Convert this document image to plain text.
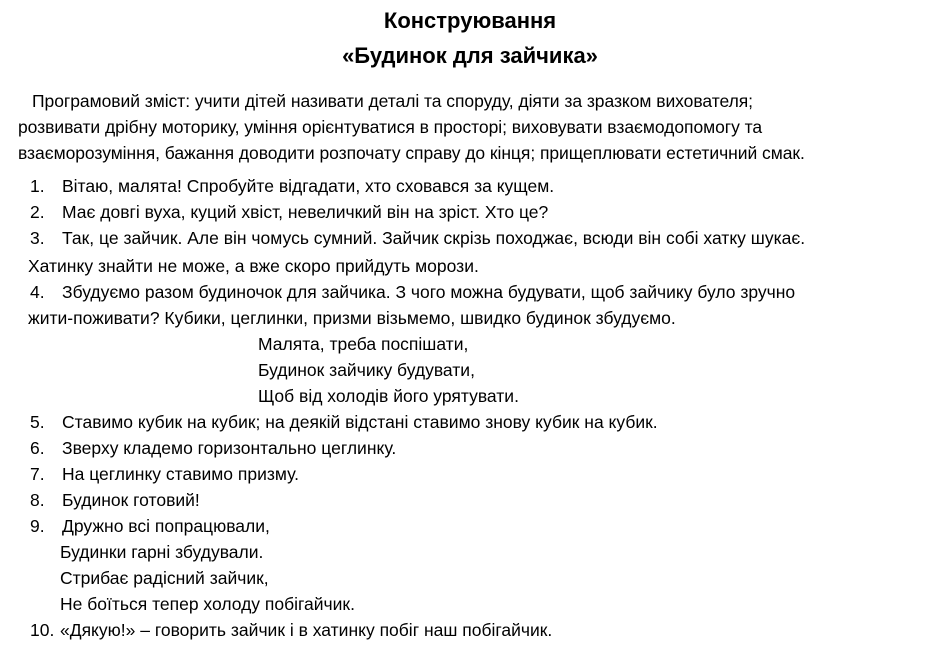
Конструювання
«Будинок для зайчика»
Програмовий зміст: учити дітей називати деталі та споруду, діяти за зразком вихователя;
розвивати дрібну моторику, уміння орієнтуватися в просторі; виховувати взаємодопомогу та
взаєморозуміння, бажання доводити розпочату справу до кінця; прищеплювати естетичний смак.
1. Вітаю, малята! Спробуйте відгадати, хто сховався за кущем.
2. Має довгі вуха, куций хвіст, невеличкий він на зріст. Хто це?
3. Так, це зайчик. Але він чомусь сумний. Зайчик скрізь походжає, всюди він собі хатку шукає.
Хатинку знайти не може, а вже скоро прийдуть морози.
4. Збудуємо разом будиночок для зайчика. З чого можна будувати, щоб зайчику було зручно
жити-поживати? Кубики, цеглинки, призми візьмемо, швидко будинок збудуємо.
Малята, треба поспішати,
Будинок зайчику будувати,
Щоб від холодів його урятувати.
5. Ставимо кубик на кубик; на деякій відстані ставимо знову кубик на кубик.
6. Зверху кладемо горизонтально цеглинку.
7. На цеглинку ставимо призму.
8. Будинок готовий!
9. Дружно всі попрацювали,
Будинки гарні збудували.
Стрибає радісний зайчик,
Не боїться тепер холоду побігайчик.
10. «Дякую!» – говорить зайчик і в хатинку побіг наш побігайчик.
